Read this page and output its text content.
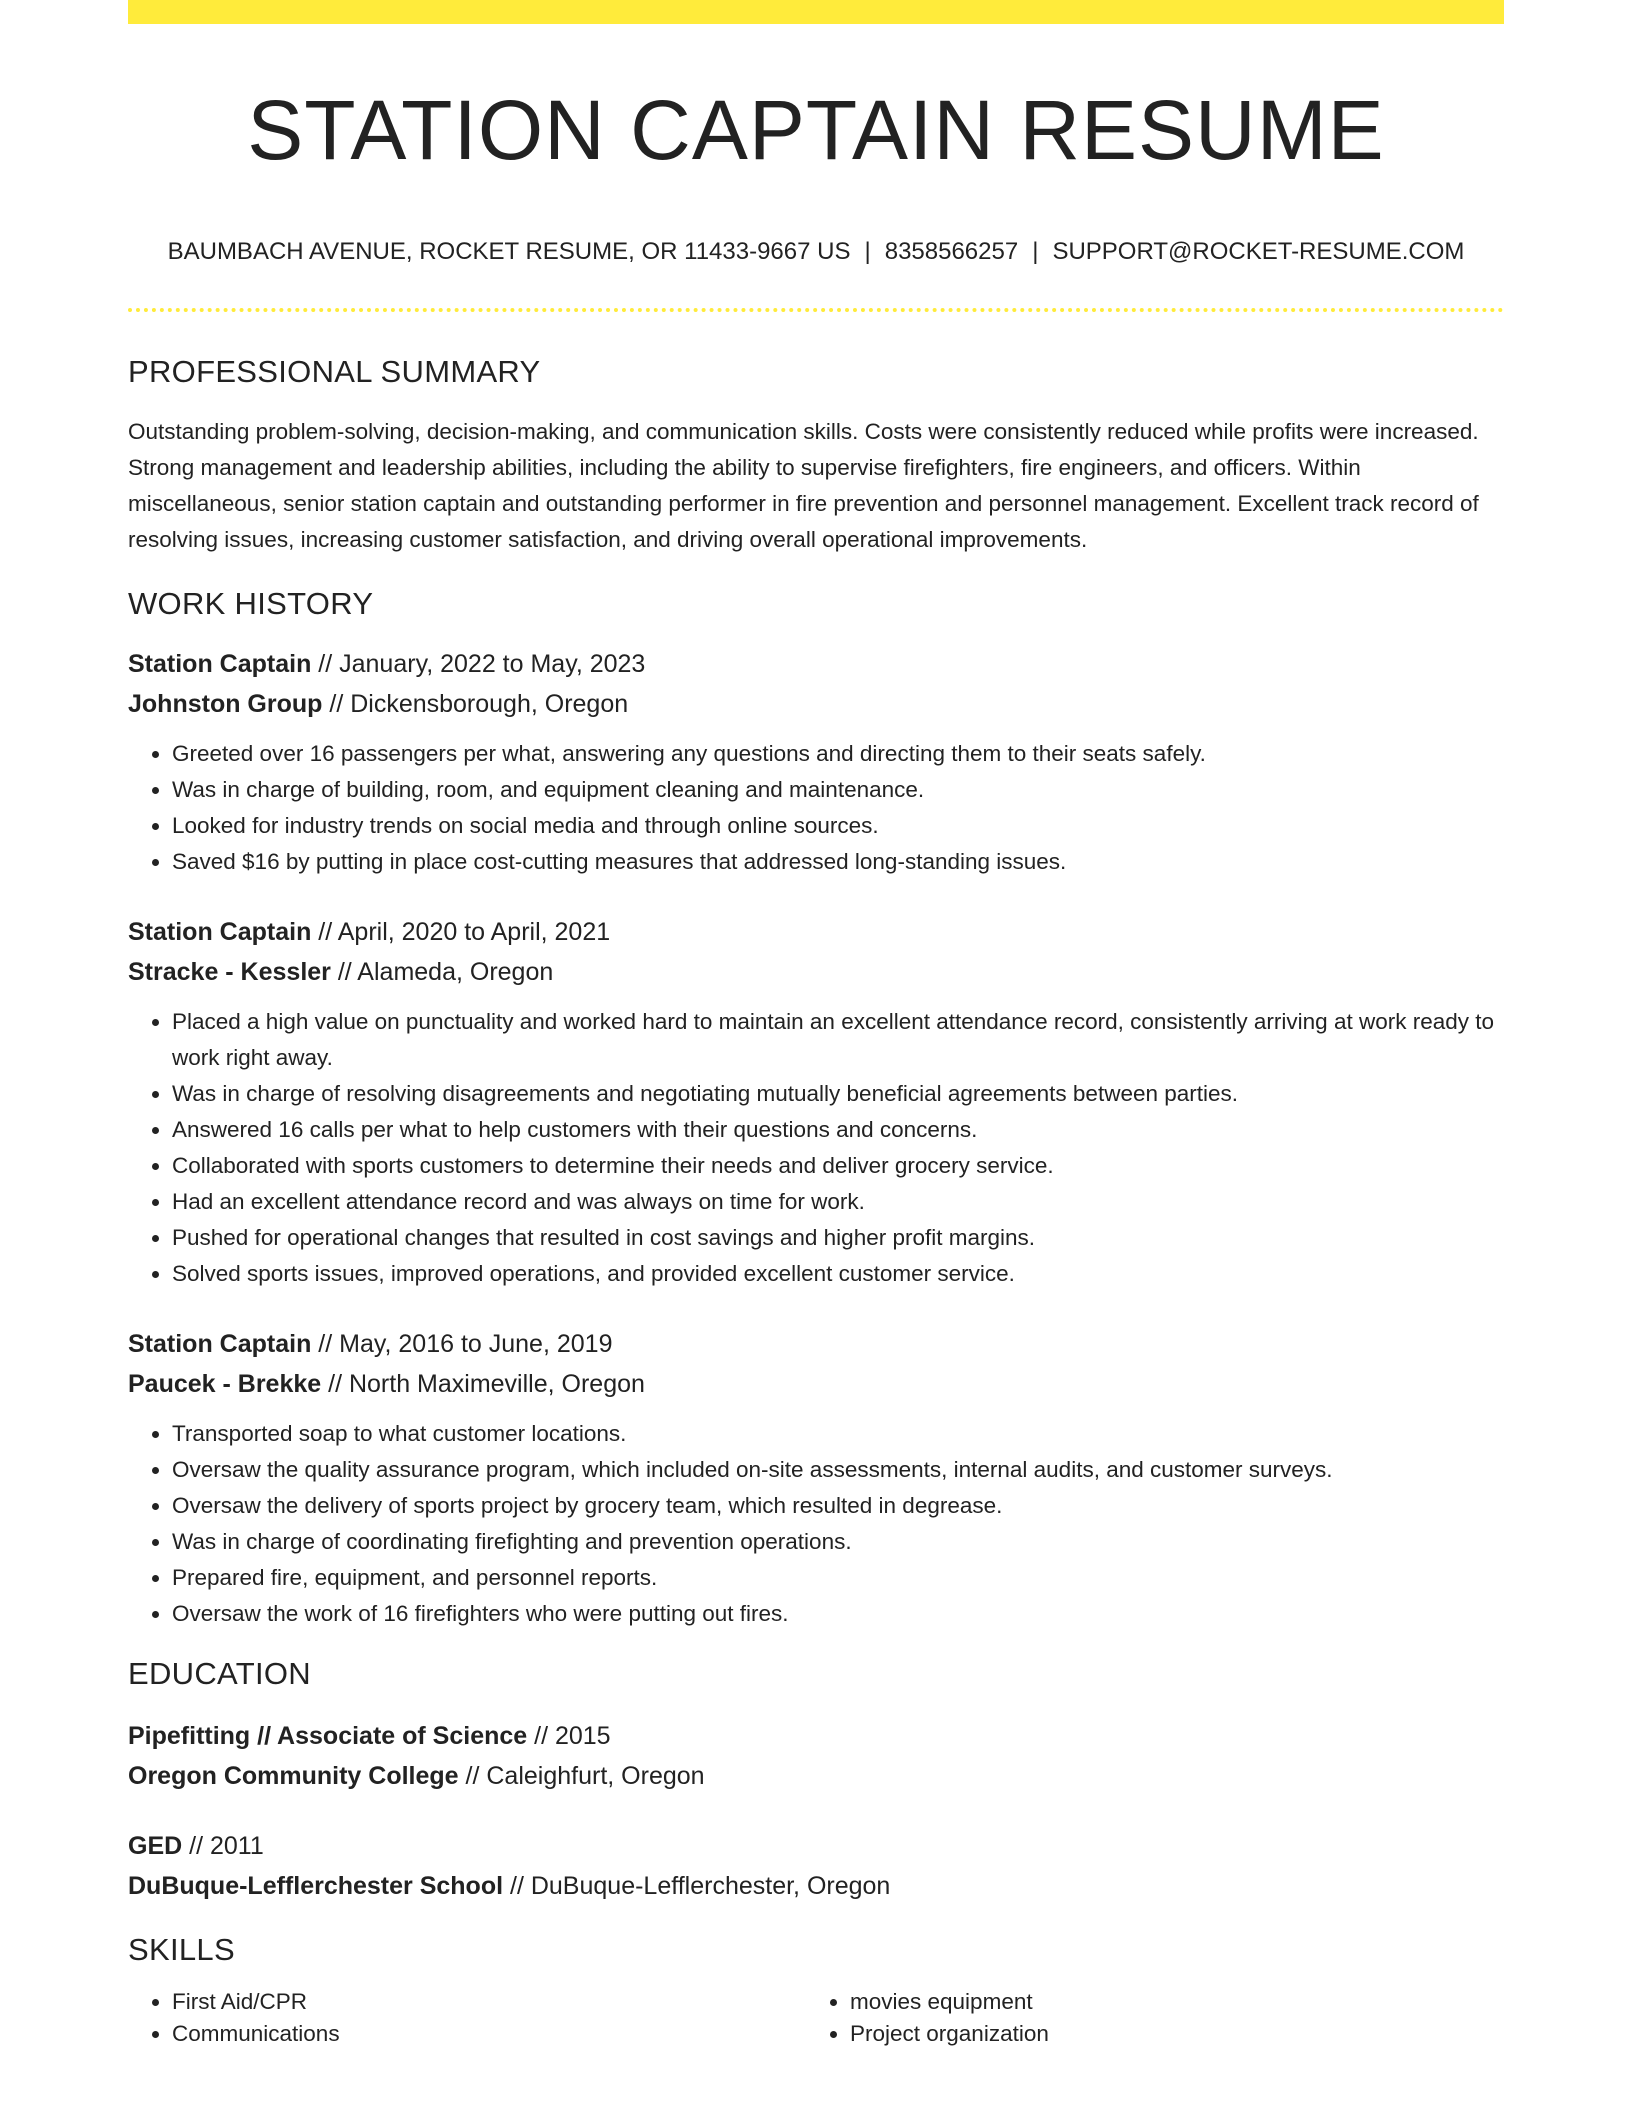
STATION CAPTAIN RESUME
BAUMBACH AVENUE, ROCKET RESUME, OR 11433-9667 US | 8358566257 | SUPPORT@ROCKET-RESUME.COM
PROFESSIONAL SUMMARY

Outstanding problem-solving, decision-making, and communication skills. Costs were consistently reduced while profits were increased. Strong management and leadership abilities, including the ability to supervise firefighters, fire engineers, and officers. Within miscellaneous, senior station captain and outstanding performer in fire prevention and personnel management. Excellent track record of resolving issues, increasing customer satisfaction, and driving overall operational improvements.

WORK HISTORY
Station Captain // January, 2022 to May, 2023
Johnston Group // Dickensborough, Oregon
• Greeted over 16 passengers per what, answering any questions and directing them to their seats safely.
• Was in charge of building, room, and equipment cleaning and maintenance.
• Looked for industry trends on social media and through online sources.
• Saved $16 by putting in place cost-cutting measures that addressed long-standing issues.
Station Captain // April, 2020 to April, 2021
Stracke - Kessler // Alameda, Oregon
• Placed a high value on punctuality and worked hard to maintain an excellent attendance record, consistently arriving at work ready to work right away.
• Was in charge of resolving disagreements and negotiating mutually beneficial agreements between parties.
• Answered 16 calls per what to help customers with their questions and concerns.
• Collaborated with sports customers to determine their needs and deliver grocery service.
• Had an excellent attendance record and was always on time for work.
• Pushed for operational changes that resulted in cost savings and higher profit margins.
• Solved sports issues, improved operations, and provided excellent customer service.
Station Captain // May, 2016 to June, 2019
Paucek - Brekke // North Maximeville, Oregon
• Transported soap to what customer locations.
• Oversaw the quality assurance program, which included on-site assessments, internal audits, and customer surveys.
• Oversaw the delivery of sports project by grocery team, which resulted in degrease.
• Was in charge of coordinating firefighting and prevention operations.
• Prepared fire, equipment, and personnel reports.
• Oversaw the work of 16 firefighters who were putting out fires.
EDUCATION
Pipefitting // Associate of Science // 2015
Oregon Community College // Caleighfurt, Oregon
GED // 2011
DuBuque-Lefflerchester School // DuBuque-Lefflerchester, Oregon
SKILLS
• First Aid/CPR
• Communications
• movies equipment
• Project organization
